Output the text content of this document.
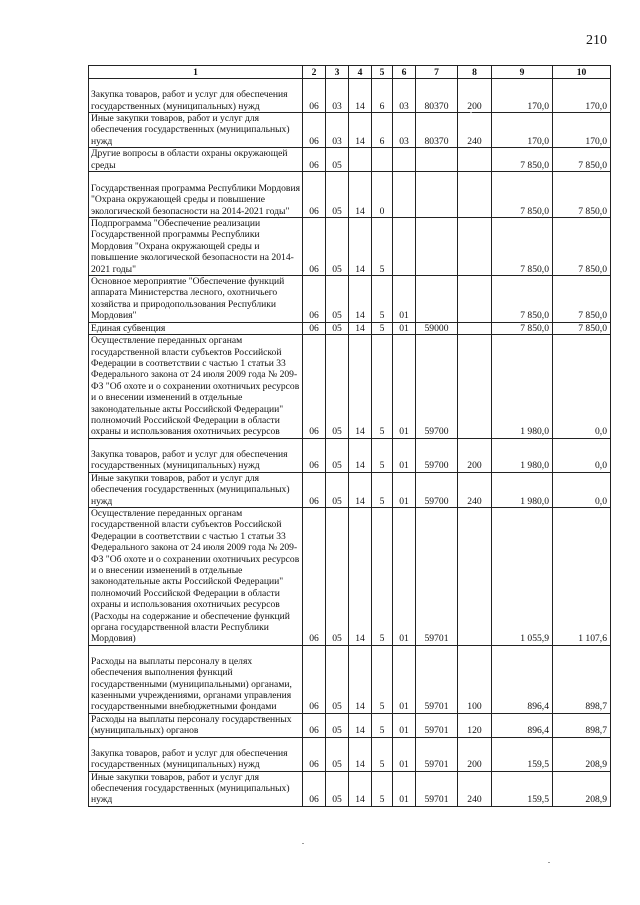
210
1	2	3	4	5	6	7	8	9	10
Закупка товаров, работ и услуг для обеспечения государственных (муниципальных) нужд	06	03	14	6	03	80370	200	170,0	170,0
Иные закупки товаров, работ и услуг для обеспечения государственных (муниципальных) нужд	06	03	14	6	03	80370	240	170,0	170,0
Другие вопросы в области охраны окружающей среды	06	05						7 850,0	7 850,0
Государственная программа Республики Мордовия "Охрана окружающей среды и повышение экологической безопасности на 2014-2021 годы"	06	05	14	0				7 850,0	7 850,0
Подпрограмма "Обеспечение реализации Государственной программы Республики Мордовия "Охрана окружающей среды и повышение экологической безопасности на 2014-2021 годы"	06	05	14	5				7 850,0	7 850,0
Основное мероприятие "Обеспечение функций аппарата Министерства лесного, охотничьего хозяйства и природопользования Республики Мордовия"	06	05	14	5	01			7 850,0	7 850,0
Единая субвенция	06	05	14	5	01	59000		7 850,0	7 850,0
Осуществление переданных органам государственной власти субъектов Российской Федерации в соответствии с частью 1 статьи 33 Федерального закона от 24 июля 2009 года № 209-ФЗ "Об охоте и о сохранении охотничьих ресурсов и о внесении изменений в отдельные законодательные акты Российской Федерации" полномочий Российской Федерации в области охраны и использования охотничьих ресурсов	06	05	14	5	01	59700		1 980,0	0,0
Закупка товаров, работ и услуг для обеспечения государственных (муниципальных) нужд	06	05	14	5	01	59700	200	1 980,0	0,0
Иные закупки товаров, работ и услуг для обеспечения государственных (муниципальных) нужд	06	05	14	5	01	59700	240	1 980,0	0,0
Осуществление переданных органам государственной власти субъектов Российской Федерации в соответствии с частью 1 статьи 33 Федерального закона от 24 июля 2009 года № 209-ФЗ "Об охоте и о сохранении охотничьих ресурсов и о внесении изменений в отдельные законодательные акты Российской Федерации" полномочий Российской Федерации в области охраны и использования охотничьих ресурсов (Расходы на содержание и обеспечение функций органа государственной власти Республики Мордовия)	06	05	14	5	01	59701		1 055,9	1 107,6
Расходы на выплаты персоналу в целях обеспечения выполнения функций государственными (муниципальными) органами, казенными учреждениями, органами управления государственными внебюджетными фондами	06	05	14	5	01	59701	100	896,4	898,7
Расходы на выплаты персоналу государственных (муниципальных) органов	06	05	14	5	01	59701	120	896,4	898,7
Закупка товаров, работ и услуг для обеспечения государственных (муниципальных) нужд	06	05	14	5	01	59701	200	159,5	208,9
Иные закупки товаров, работ и услуг для обеспечения государственных (муниципальных) нужд	06	05	14	5	01	59701	240	159,5	208,9
